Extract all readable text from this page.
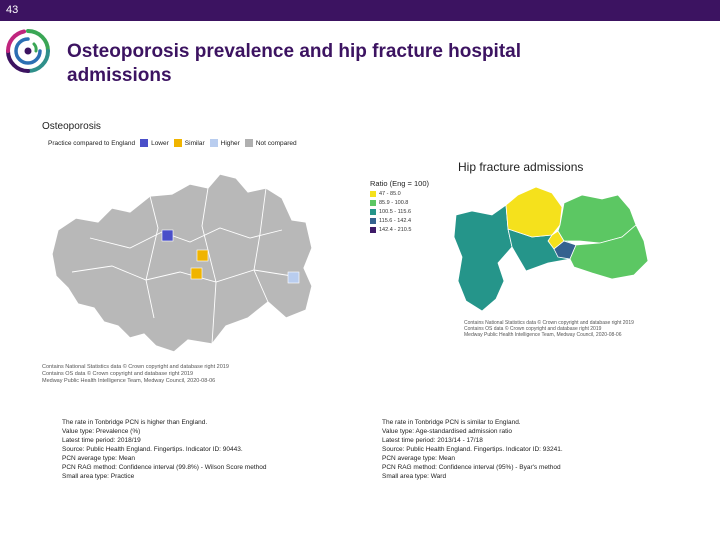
43
Osteoporosis prevalence and hip fracture hospital admissions
Osteoporosis
Practice compared to England Lower Similar Higher Not compared
Contains National Statistics data © Crown copyright and database right 2019
Contains OS data © Crown copyright and database right 2019
Medway Public Health Intelligence Team, Medway Council, 2020-08-06
Hip fracture admissions
Ratio (Eng = 100)
47 - 85.0
85.9 - 100.8
100.5 - 115.6
115.6 - 142.4
142.4 - 210.5
Contains National Statistics data © Crown copyright and database right 2019
Contains OS data © Crown copyright and database right 2019
Medway Public Health Intelligence Team, Medway Council, 2020-08-06
The rate in Tonbridge PCN is higher than England.
Value type: Prevalence (%)
Latest time period: 2018/19
Source: Public Health England. Fingertips. Indicator ID: 90443.
PCN average type: Mean
PCN RAG method: Confidence interval (99.8%) - Wilson Score method
Small area type: Practice
The rate in Tonbridge PCN is similar to England.
Value type: Age-standardised admission ratio
Latest time period: 2013/14 - 17/18
Source: Public Health England. Fingertips. Indicator ID: 93241.
PCN average type: Mean
PCN RAG method: Confidence interval (95%) - Byar's method
Small area type: Ward
